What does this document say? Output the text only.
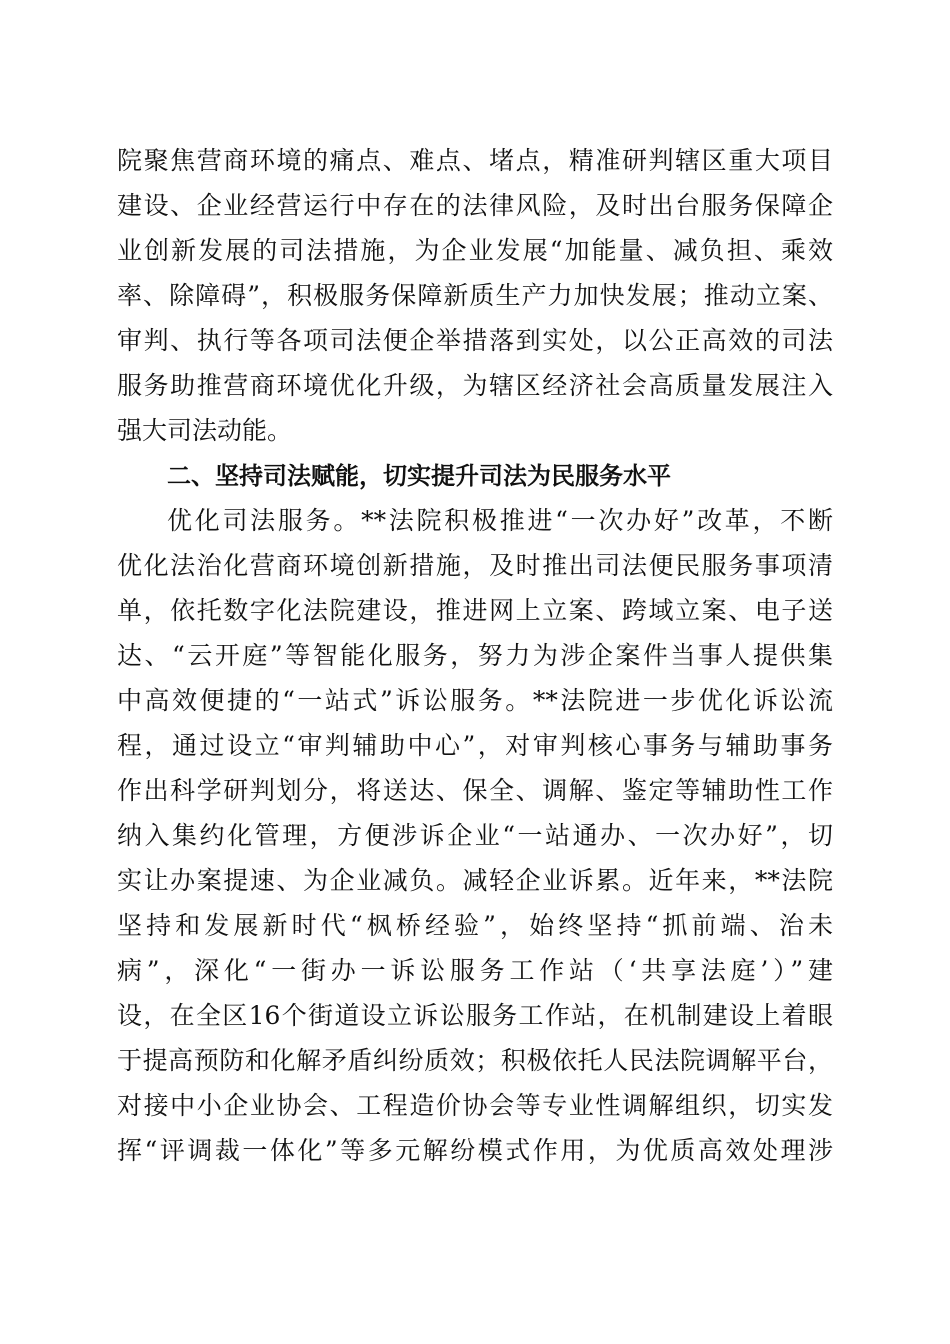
院聚焦营商环境的痛点、难点、堵点，精准研判辖区重大项目
建设、企业经营运行中存在的法律风险，及时出台服务保障企
业创新发展的司法措施，为企业发展“加能量、减负担、乘效
率、除障碍”，积极服务保障新质生产力加快发展；推动立案、
审判、执行等各项司法便企举措落到实处，以公正高效的司法
服务助推营商环境优化升级，为辖区经济社会高质量发展注入
强大司法动能。
二、坚持司法赋能，切实提升司法为民服务水平
优化司法服务。**法院积极推进“一次办好”改革，不断
优化法治化营商环境创新措施，及时推出司法便民服务事项清
单，依托数字化法院建设，推进网上立案、跨域立案、电子送
达、“云开庭”等智能化服务，努力为涉企案件当事人提供集
中高效便捷的“一站式”诉讼服务。**法院进一步优化诉讼流
程，通过设立“审判辅助中心”，对审判核心事务与辅助事务
作出科学研判划分，将送达、保全、调解、鉴定等辅助性工作
纳入集约化管理，方便涉诉企业“一站通办、一次办好”，切
实让办案提速、为企业减负。减轻企业诉累。近年来，**法院
坚持和发展新时代“枫桥经验”，始终坚持“抓前端、治未
病”，深化“一街办一诉讼服务工作站（‘共享法庭’）”建
设，在全区16个街道设立诉讼服务工作站，在机制建设上着眼
于提高预防和化解矛盾纠纷质效；积极依托人民法院调解平台，
对接中小企业协会、工程造价协会等专业性调解组织，切实发
挥“评调裁一体化”等多元解纷模式作用，为优质高效处理涉
